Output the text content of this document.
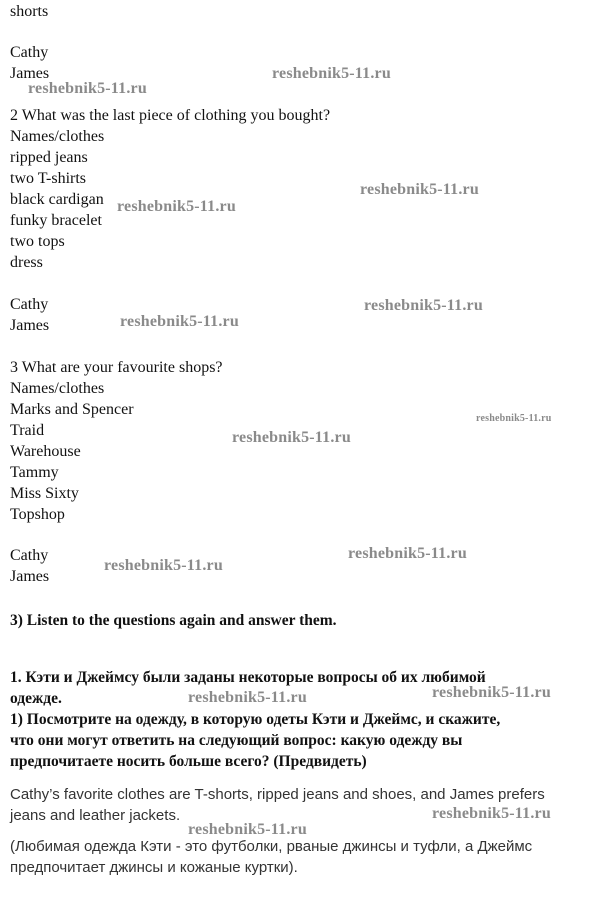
shorts
Cathy
James
2 What was the last piece of clothing you bought?
Names/clothes
ripped jeans
two T-shirts
black cardigan
funky bracelet
two tops
dress
Cathy
James
3 What are your favourite shops?
Names/clothes
Marks and Spencer
Traid
Warehouse
Tammy
Miss Sixty
Topshop
Cathy
James
3) Listen to the questions again and answer them.
1. Кэти и Джеймсу были заданы некоторые вопросы об их любимой
одежде.
1) Посмотрите на одежду, в которую одеты Кэти и Джеймс, и скажите,
что они могут ответить на следующий вопрос: какую одежду вы
предпочитаете носить больше всего? (Предвидеть)
Cathy’s favorite clothes are T-shorts, ripped jeans and shoes, and James prefers
jeans and leather jackets.
(Любимая одежда Кэти - это футболки, рваные джинсы и туфли, а Джеймс
предпочитает джинсы и кожаные куртки).
reshebnik5-11.ru
reshebnik5-11.ru
reshebnik5-11.ru
reshebnik5-11.ru
reshebnik5-11.ru
reshebnik5-11.ru
reshebnik5-11.ru
reshebnik5-11.ru
reshebnik5-11.ru
reshebnik5-11.ru
reshebnik5-11.ru
reshebnik5-11.ru
reshebnik5-11.ru
reshebnik5-11.ru
